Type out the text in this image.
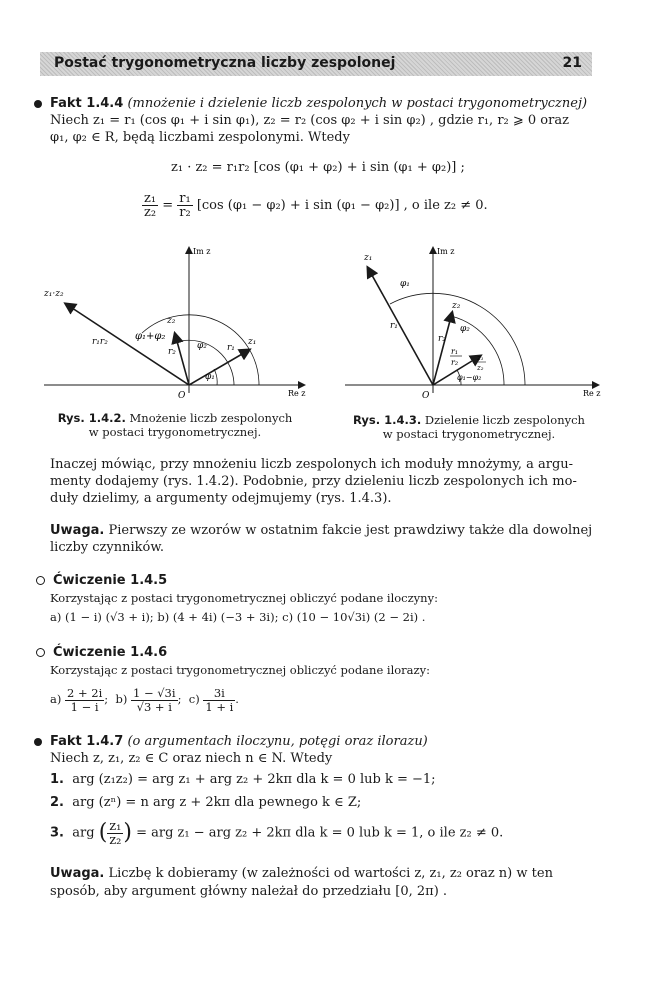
Postać trygonometryczna liczby zespolonej	21
Fakt 1.4.4 (mnożenie i dzielenie liczb zespolonych w postaci trygonometrycznej)
Niech z₁ = r₁ (cos φ₁ + i sin φ₁), z₂ = r₂ (cos φ₂ + i sin φ₂) , gdzie r₁, r₂ ⩾ 0 oraz
φ₁, φ₂ ∈ R, będą liczbami zespolonymi. Wtedy
z₁ · z₂ = r₁r₂ [cos (φ₁ + φ₂) + i sin (φ₁ + φ₂)] ;
$\frac{\text{z₁}}{\text{z₂}} = \frac{\text{r₁}}{\text{r₂}} [\cos$ (φ₁ − φ₂) + i sin (φ₁ − φ₂)] , o ile z₂ ≠ 0.
Im z
Re z
O
z₁·z₂
r₁r₂
z₂
z₁
φ₁+φ₂
r₂
φ₂ r₁
φ₁
Rys. 1.4.2. Mnożenie liczb zespolonych
w postaci trygonometrycznej.
Im z
Re z
O
z₁
φ₁
z₂
r₁
r₂
φ₂
r₁
r₂	z₁
z₂
φ₁−φ₂
Rys. 1.4.3. Dzielenie liczb zespolonych
w postaci trygonometrycznej.
Inaczej mówiąc, przy mnożeniu liczb zespolonych ich moduły mnożymy, a argu-
menty dodajemy (rys. 1.4.2). Podobnie, przy dzieleniu liczb zespolonych ich mo-
duły dzielimy, a argumenty odejmujemy (rys. 1.4.3).
Uwaga. Pierwszy ze wzorów w ostatnim fakcie jest prawdziwy także dla dowolnej
liczby czynników.
Ćwiczenie 1.4.5
Korzystając z postaci trygonometrycznej obliczyć podane iloczyny:
a) (1 − i) (√3 + i); b) (4 + 4i) (−3 + 3i); c) (10 − 10√3i) (2 − 2i) .
Ćwiczenie 1.4.6
Korzystając z postaci trygonometrycznej obliczyć podane ilorazy:
$a) \frac{2 + 2i}{1 - i}$ ; $b) \frac{1 - √3i}{√3 + i}$ ; $c) \frac{3i}{1 + i}$ .
Fakt 1.4.7 (o argumentach iloczynu, potęgi oraz ilorazu)
Niech z, z₁, z₂ ∈ C oraz niech n ∈ N. Wtedy
1. arg (z₁z₂) = arg z₁ + arg z₂ + 2kπ dla k = 0 lub k = −1;
2. arg (zⁿ) = n arg z + 2kπ dla pewnego k ∈ Z;
3. arg ( $\frac{\text{z₁}}{\text{z₂}}$ ) = arg z₁ − arg z₂ + 2kπ dla k = 0 lub k = 1, o ile z₂ ≠ 0.
Uwaga. Liczbę k dobieramy (w zależności od wartości z, z₁, z₂ oraz n) w ten
sposób, aby argument główny należał do przedziału [0, 2π) .
